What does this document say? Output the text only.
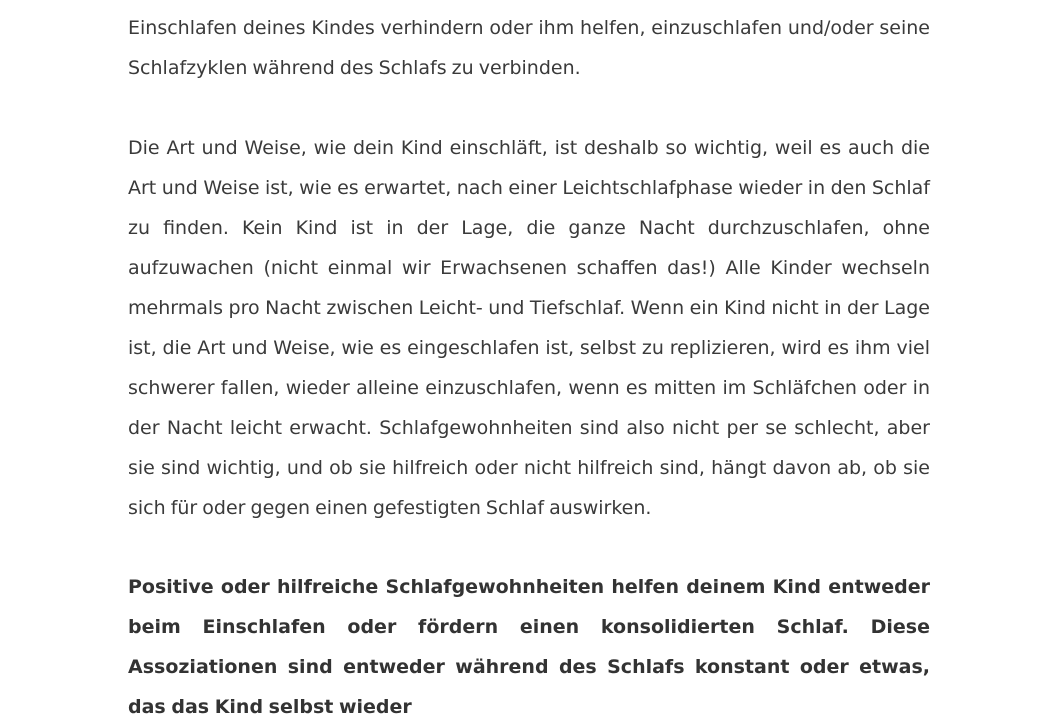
Einschlafen deines Kindes verhindern oder ihm helfen, einzuschlafen und/oder seine Schlafzyklen während des Schlafs zu verbinden.

Die Art und Weise, wie dein Kind einschläft, ist deshalb so wichtig, weil es auch die Art und Weise ist, wie es erwartet, nach einer Leichtschlafphase wieder in den Schlaf zu finden. Kein Kind ist in der Lage, die ganze Nacht durchzuschlafen, ohne aufzuwachen (nicht einmal wir Erwachsenen schaffen das!) Alle Kinder wechseln mehrmals pro Nacht zwischen Leicht- und Tiefschlaf. Wenn ein Kind nicht in der Lage ist, die Art und Weise, wie es eingeschlafen ist, selbst zu replizieren, wird es ihm viel schwerer fallen, wieder alleine einzuschlafen, wenn es mitten im Schläfchen oder in der Nacht leicht erwacht. Schlafgewohnheiten sind also nicht per se schlecht, aber sie sind wichtig, und ob sie hilfreich oder nicht hilfreich sind, hängt davon ab, ob sie sich für oder gegen einen gefestigten Schlaf auswirken.

Positive oder hilfreiche Schlafgewohnheiten helfen deinem Kind entweder beim Einschlafen oder fördern einen konsolidierten Schlaf. Diese Assoziationen sind entweder während des Schlafs konstant oder etwas, das das Kind selbst wieder
